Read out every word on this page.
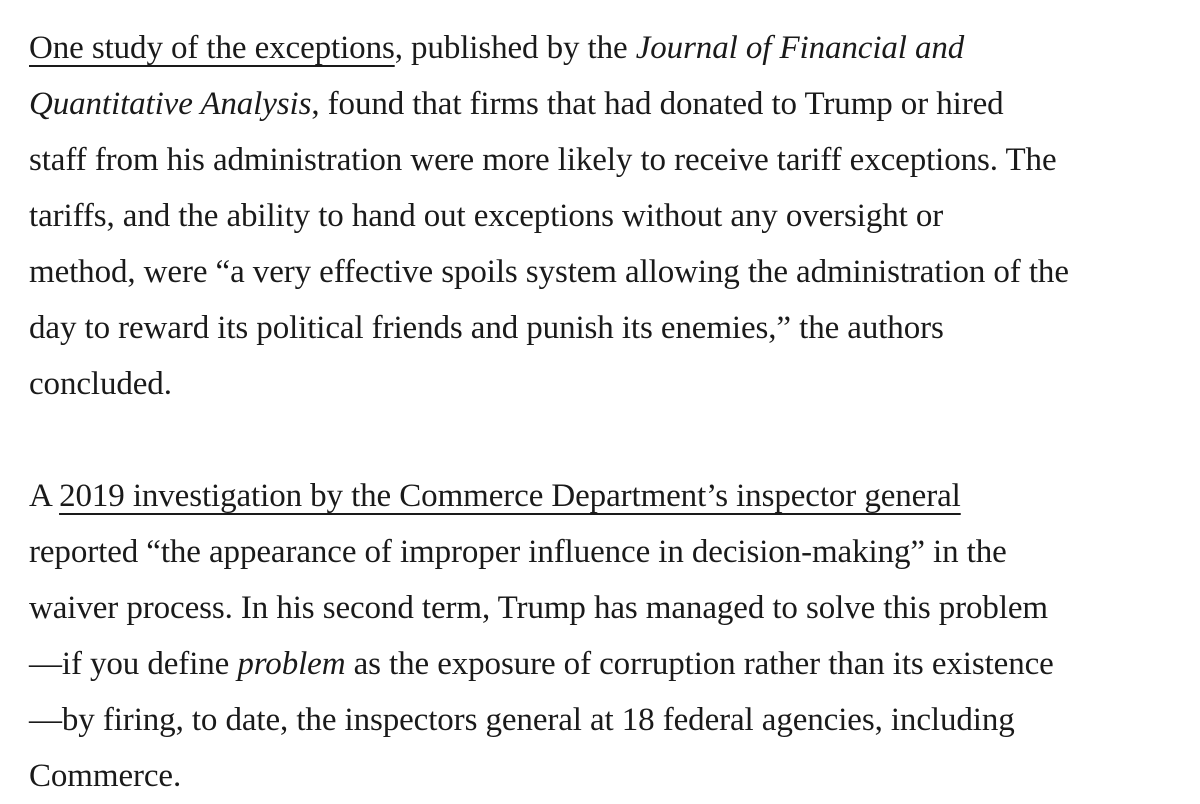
One study of the exceptions, published by the Journal of Financial and
Quantitative Analysis, found that firms that had donated to Trump or hired
staff from his administration were more likely to receive tariff exceptions. The
tariffs, and the ability to hand out exceptions without any oversight or
method, were “a very effective spoils system allowing the administration of the
day to reward its political friends and punish its enemies,” the authors
concluded.

A 2019 investigation by the Commerce Department’s inspector general
reported “the appearance of improper influence in decision-making” in the
waiver process. In his second term, Trump has managed to solve this problem
—if you define problem as the exposure of corruption rather than its existence
—by firing, to date, the inspectors general at 18 federal agencies, including
Commerce.
